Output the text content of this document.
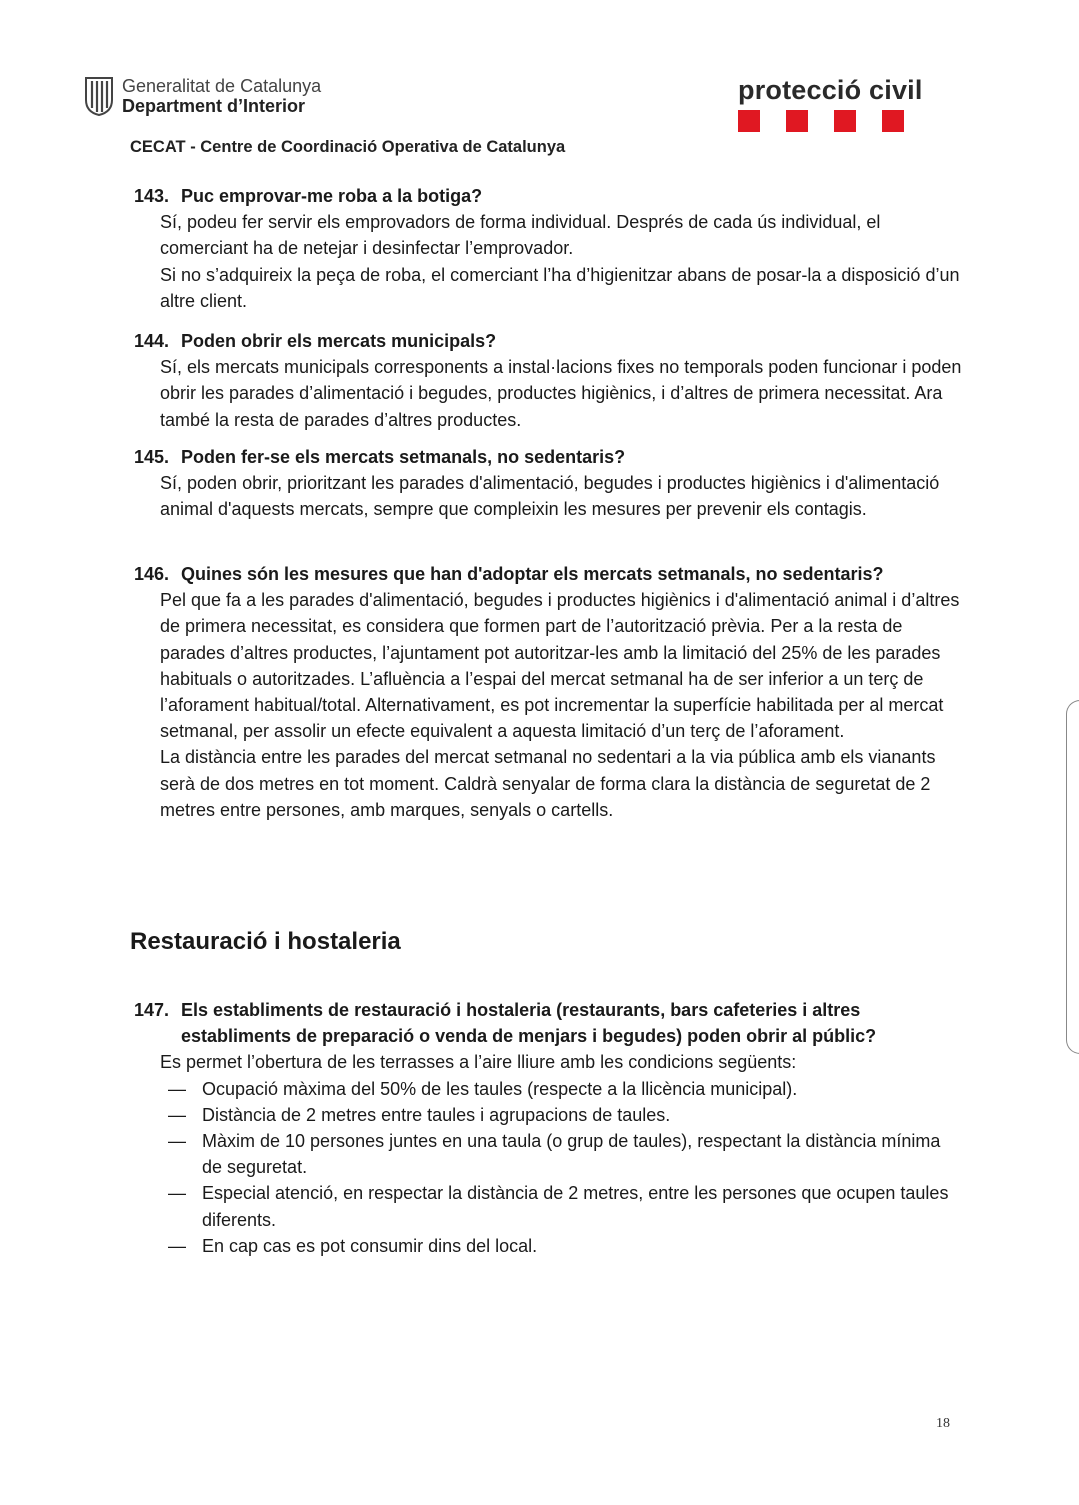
Generalitat de Catalunya
Department d’Interior
protecció civil
CECAT - Centre de Coordinació Operativa de Catalunya
143. Puc emprovar-me roba a la botiga?

Sí, podeu fer servir els emprovadors de forma individual. Després de cada ús individual, el comerciant ha de netejar i desinfectar l’emprovador.

Si no s’adquireix la peça de roba, el comerciant l’ha d’higienitzar abans de posar-la a disposició d’un altre client.

144. Poden obrir els mercats municipals?

Sí, els mercats municipals corresponents a instal·lacions fixes no temporals poden funcionar i poden obrir les parades d’alimentació i begudes, productes higiènics, i d’altres de primera necessitat. Ara també la resta de parades d’altres productes.

145. Poden fer-se els mercats setmanals, no sedentaris?

Sí, poden obrir, prioritzant les parades d'alimentació, begudes i productes higiènics i d'alimentació animal d'aquests mercats, sempre que compleixin les mesures per prevenir els contagis.

146. Quines són les mesures que han d'adoptar els mercats setmanals, no sedentaris?

Pel que fa a les parades d'alimentació, begudes i productes higiènics i d'alimentació animal i d’altres de primera necessitat, es considera que formen part de l’autorització prèvia. Per a la resta de parades d’altres productes, l’ajuntament pot autoritzar-les amb la limitació del 25% de les parades habituals o autoritzades. L’afluència a l’espai del mercat setmanal ha de ser inferior a un terç de l’aforament habitual/total. Alternativament, es pot incrementar la superfície habilitada per al mercat setmanal, per assolir un efecte equivalent a aquesta limitació d’un terç de l’aforament.

La distància entre les parades del mercat setmanal no sedentari a la via pública amb els vianants serà de dos metres en tot moment. Caldrà senyalar de forma clara la distància de seguretat de 2 metres entre persones, amb marques, senyals o cartells.

Restauració i hostaleria
147. Els establiments de restauració i hostaleria (restaurants, bars cafeteries i altres establiments de preparació o venda de menjars i begudes) poden obrir al públic?

Es permet l’obertura de les terrasses a l’aire lliure amb les condicions següents:

— Ocupació màxima del 50% de les taules (respecte a la llicència municipal).
— Distància de 2 metres entre taules i agrupacions de taules.
— Màxim de 10 persones juntes en una taula (o grup de taules), respectant la distància mínima de seguretat.
— Especial atenció, en respectar la distància de 2 metres, entre les persones que ocupen taules diferents.
— En cap cas es pot consumir dins del local.
18
